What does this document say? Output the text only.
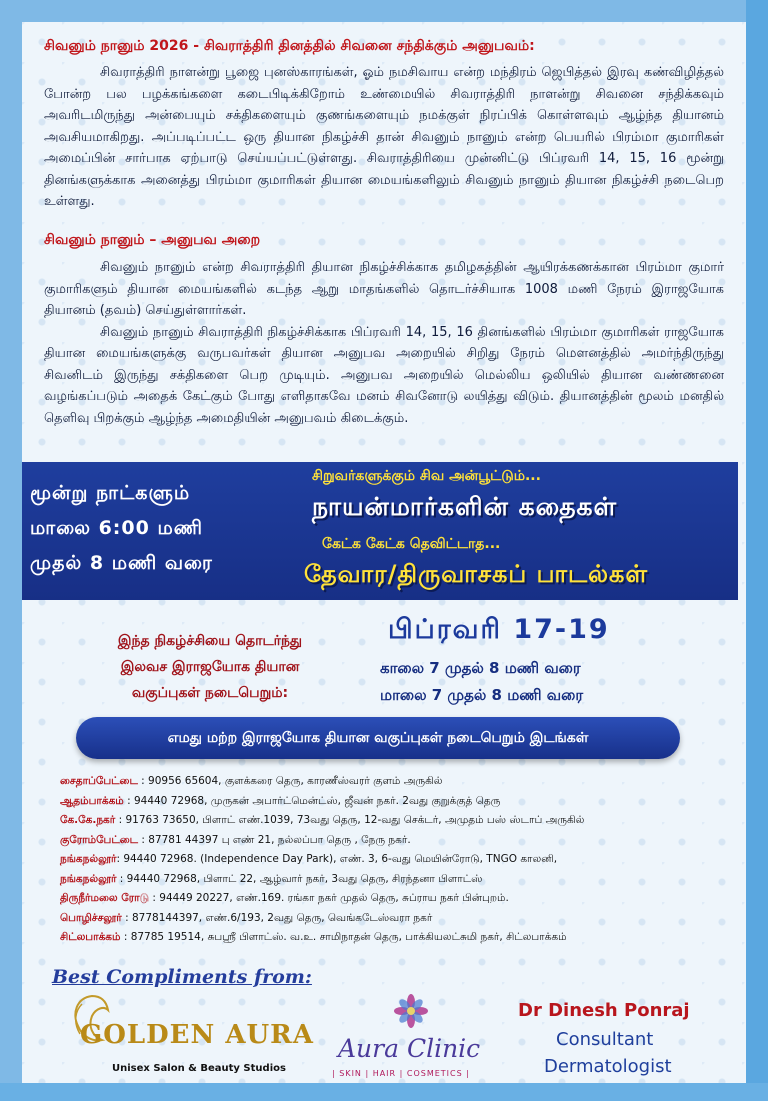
சிவனும் நானும் 2026 - சிவராத்திரி தினத்தில் சிவனை சந்திக்கும் அனுபவம்:

சிவராத்திரி நாளன்று பூஜை புனஸ்காரங்கள், ஓம் நமசிவாய என்ற மந்திரம் ஜெபித்தல் இரவு கண்விழித்தல் போன்ற பல பழக்கங்களை கடைபிடிக்கிறோம் உண்மையில் சிவராத்திரி நாளன்று சிவனை சந்திக்கவும் அவரிடமிருந்து அன்பையும் சக்திகளையும் குணங்களையும் நமக்குள் நிரப்பிக் கொள்ளவும் ஆழ்ந்த தியானம் அவசியமாகிறது. அப்படிப்பட்ட ஒரு தியான நிகழ்ச்சி தான் சிவனும் நானும் என்ற பெயரில் பிரம்மா குமாரிகள் அமைப்பின் சார்பாக ஏற்பாடு செய்யப்பட்டுள்ளது. சிவராத்திரியை முன்னிட்டு பிப்ரவரி 14, 15, 16 மூன்று தினங்களுக்காக அனைத்து பிரம்மா குமாரிகள் தியான மையங்களிலும் சிவனும் நானும் தியான நிகழ்ச்சி நடைபெற உள்ளது.

சிவனும் நானும் – அனுபவ அறை

சிவனும் நானும் என்ற சிவராத்திரி தியான நிகழ்ச்சிக்காக தமிழகத்தின் ஆயிரக்கணக்கான பிரம்மா குமார் குமாரிகளும் தியான மையங்களில் கடந்த ஆறு மாதங்களில் தொடர்ச்சியாக 1008 மணி நேரம் இராஜயோக தியானம் (தவம்) செய்துள்ளார்கள்.

சிவனும் நானும் சிவராத்திரி நிகழ்ச்சிக்காக பிப்ரவரி 14, 15, 16 தினங்களில் பிரம்மா குமாரிகள் ராஜயோக தியான மையங்களுக்கு வருபவர்கள் தியான அனுபவ அறையில் சிறிது நேரம் மௌனத்தில் அமர்ந்திருந்து சிவனிடம் இருந்து சக்திகளை பெற முடியும். அனுபவ அறையில் மெல்லிய ஒலியில் தியான வண்ணனை வழங்கப்படும் அதைக் கேட்கும் போது எளிதாகவே மனம் சிவனோடு லயித்து விடும். தியானத்தின் மூலம் மனதில் தெளிவு பிறக்கும் ஆழ்ந்த அமைதியின் அனுபவம் கிடைக்கும்.

மூன்று நாட்களும்
மாலை 6:00 மணி
முதல் 8 மணி வரை
சிறுவர்களுக்கும் சிவ அன்பூட்டும்...
நாயன்மார்களின் கதைகள்
கேட்க கேட்க தெவிட்டாத...
தேவார/திருவாசகப் பாடல்கள்
இந்த நிகழ்ச்சியை தொடர்ந்து
இலவச இராஜயோக தியான
வகுப்புகள் நடைபெறும்:
பிப்ரவரி 17-19
காலை 7 முதல் 8 மணி வரை
மாலை 7 முதல் 8 மணி வரை
எமது மற்ற இராஜயோக தியான வகுப்புகள் நடைபெறும் இடங்கள்
சைதாப்பேட்டை : 90956 65604, குளக்கரை தெரு, காரணீஸ்வரர் குளம் அருகில்
ஆதம்பாக்கம் : 94440 72968, முருகன் அபார்ட்மென்ட்ஸ், ஜீவன் நகர். 2வது குறுக்குத் தெரு
கே.கே.நகர் : 91763 73650, பிளாட் எண்.1039, 73வது தெரு, 12-வது செக்டர், அமுதம் பஸ் ஸ்டாப் அருகில்
குரோம்பேட்டை : 87781 44397 பு எண் 21, நல்லப்பா தெரு , நேரு நகர்.
நங்கநல்லூர்: 94440 72968. (Independence Day Park), எண். 3, 6-வது மெயின்ரோடு, TNGO காலனி,
நங்கநல்லூர் : 94440 72968, பிளாட் 22, ஆழ்வார் நகர், 3வது தெரு, சிரந்தனா பிளாட்ஸ்
திருநீர்மலை ரோடு : 94449 20227, எண்.169. ரங்கா நகர் முதல் தெரு, சுப்ராய நகர் பின்புறம்.
பொழிச்சலூர் : 8778144397, எண்.6/193, 2வது தெரு, வெங்கடேஸ்வரா நகர்
சிட்லபாக்கம் : 87785 19514, சுபஸ்ரீ பிளாட்ஸ். வ.உ. சாமிநாதன் தெரு, பாக்கியலட்சுமி நகர், சிட்லபாக்கம்
Best Compliments from:
GOLDEN AURA
Unisex Salon & Beauty Studios
Aura Clinic
| SKIN | HAIR | COSMETICS |
Dr Dinesh Ponraj
Consultant
Dermatologist
